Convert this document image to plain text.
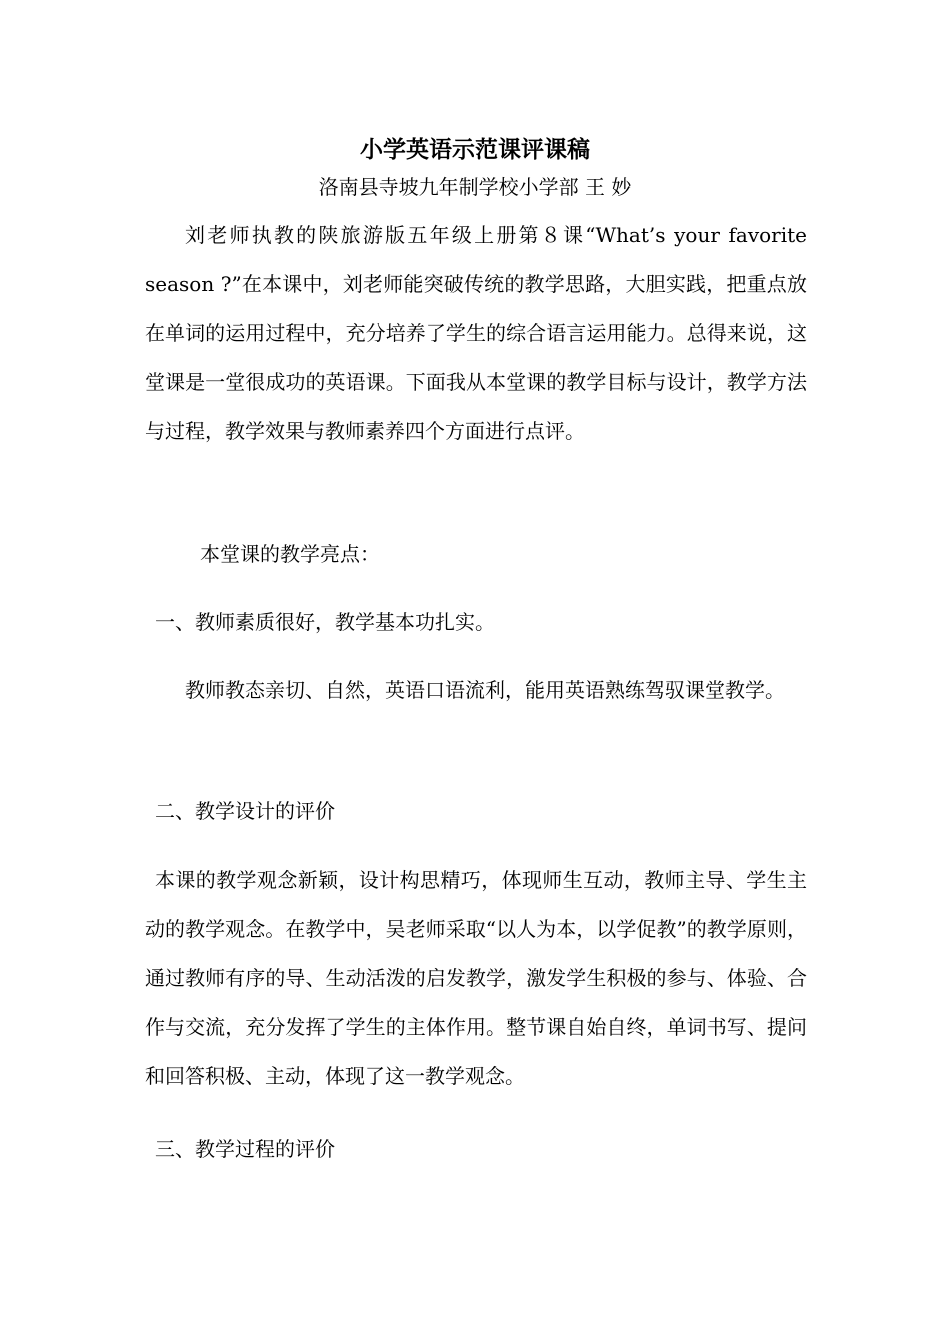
小学英语示范课评课稿

洛南县寺坡九年制学校小学部 王 妙

刘老师执教的陕旅游版五年级上册第８课“What’s your favorite season ?”在本课中，刘老师能突破传统的教学思路，大胆实践，把重点放在单词的运用过程中，充分培养了学生的综合语言运用能力。总得来说，这堂课是一堂很成功的英语课。下面我从本堂课的教学目标与设计，教学方法与过程，教学效果与教师素养四个方面进行点评。

本堂课的教学亮点：

一、教师素质很好，教学基本功扎实。

教师教态亲切、自然，英语口语流利，能用英语熟练驾驭课堂教学。

二、教学设计的评价

本课的教学观念新颖，设计构思精巧，体现师生互动，教师主导、学生主动的教学观念。在教学中，吴老师采取“以人为本，以学促教”的教学原则，通过教师有序的导、生动活泼的启发教学，激发学生积极的参与、体验、合作与交流，充分发挥了学生的主体作用。整节课自始自终，单词书写、提问和回答积极、主动，体现了这一教学观念。

三、教学过程的评价
